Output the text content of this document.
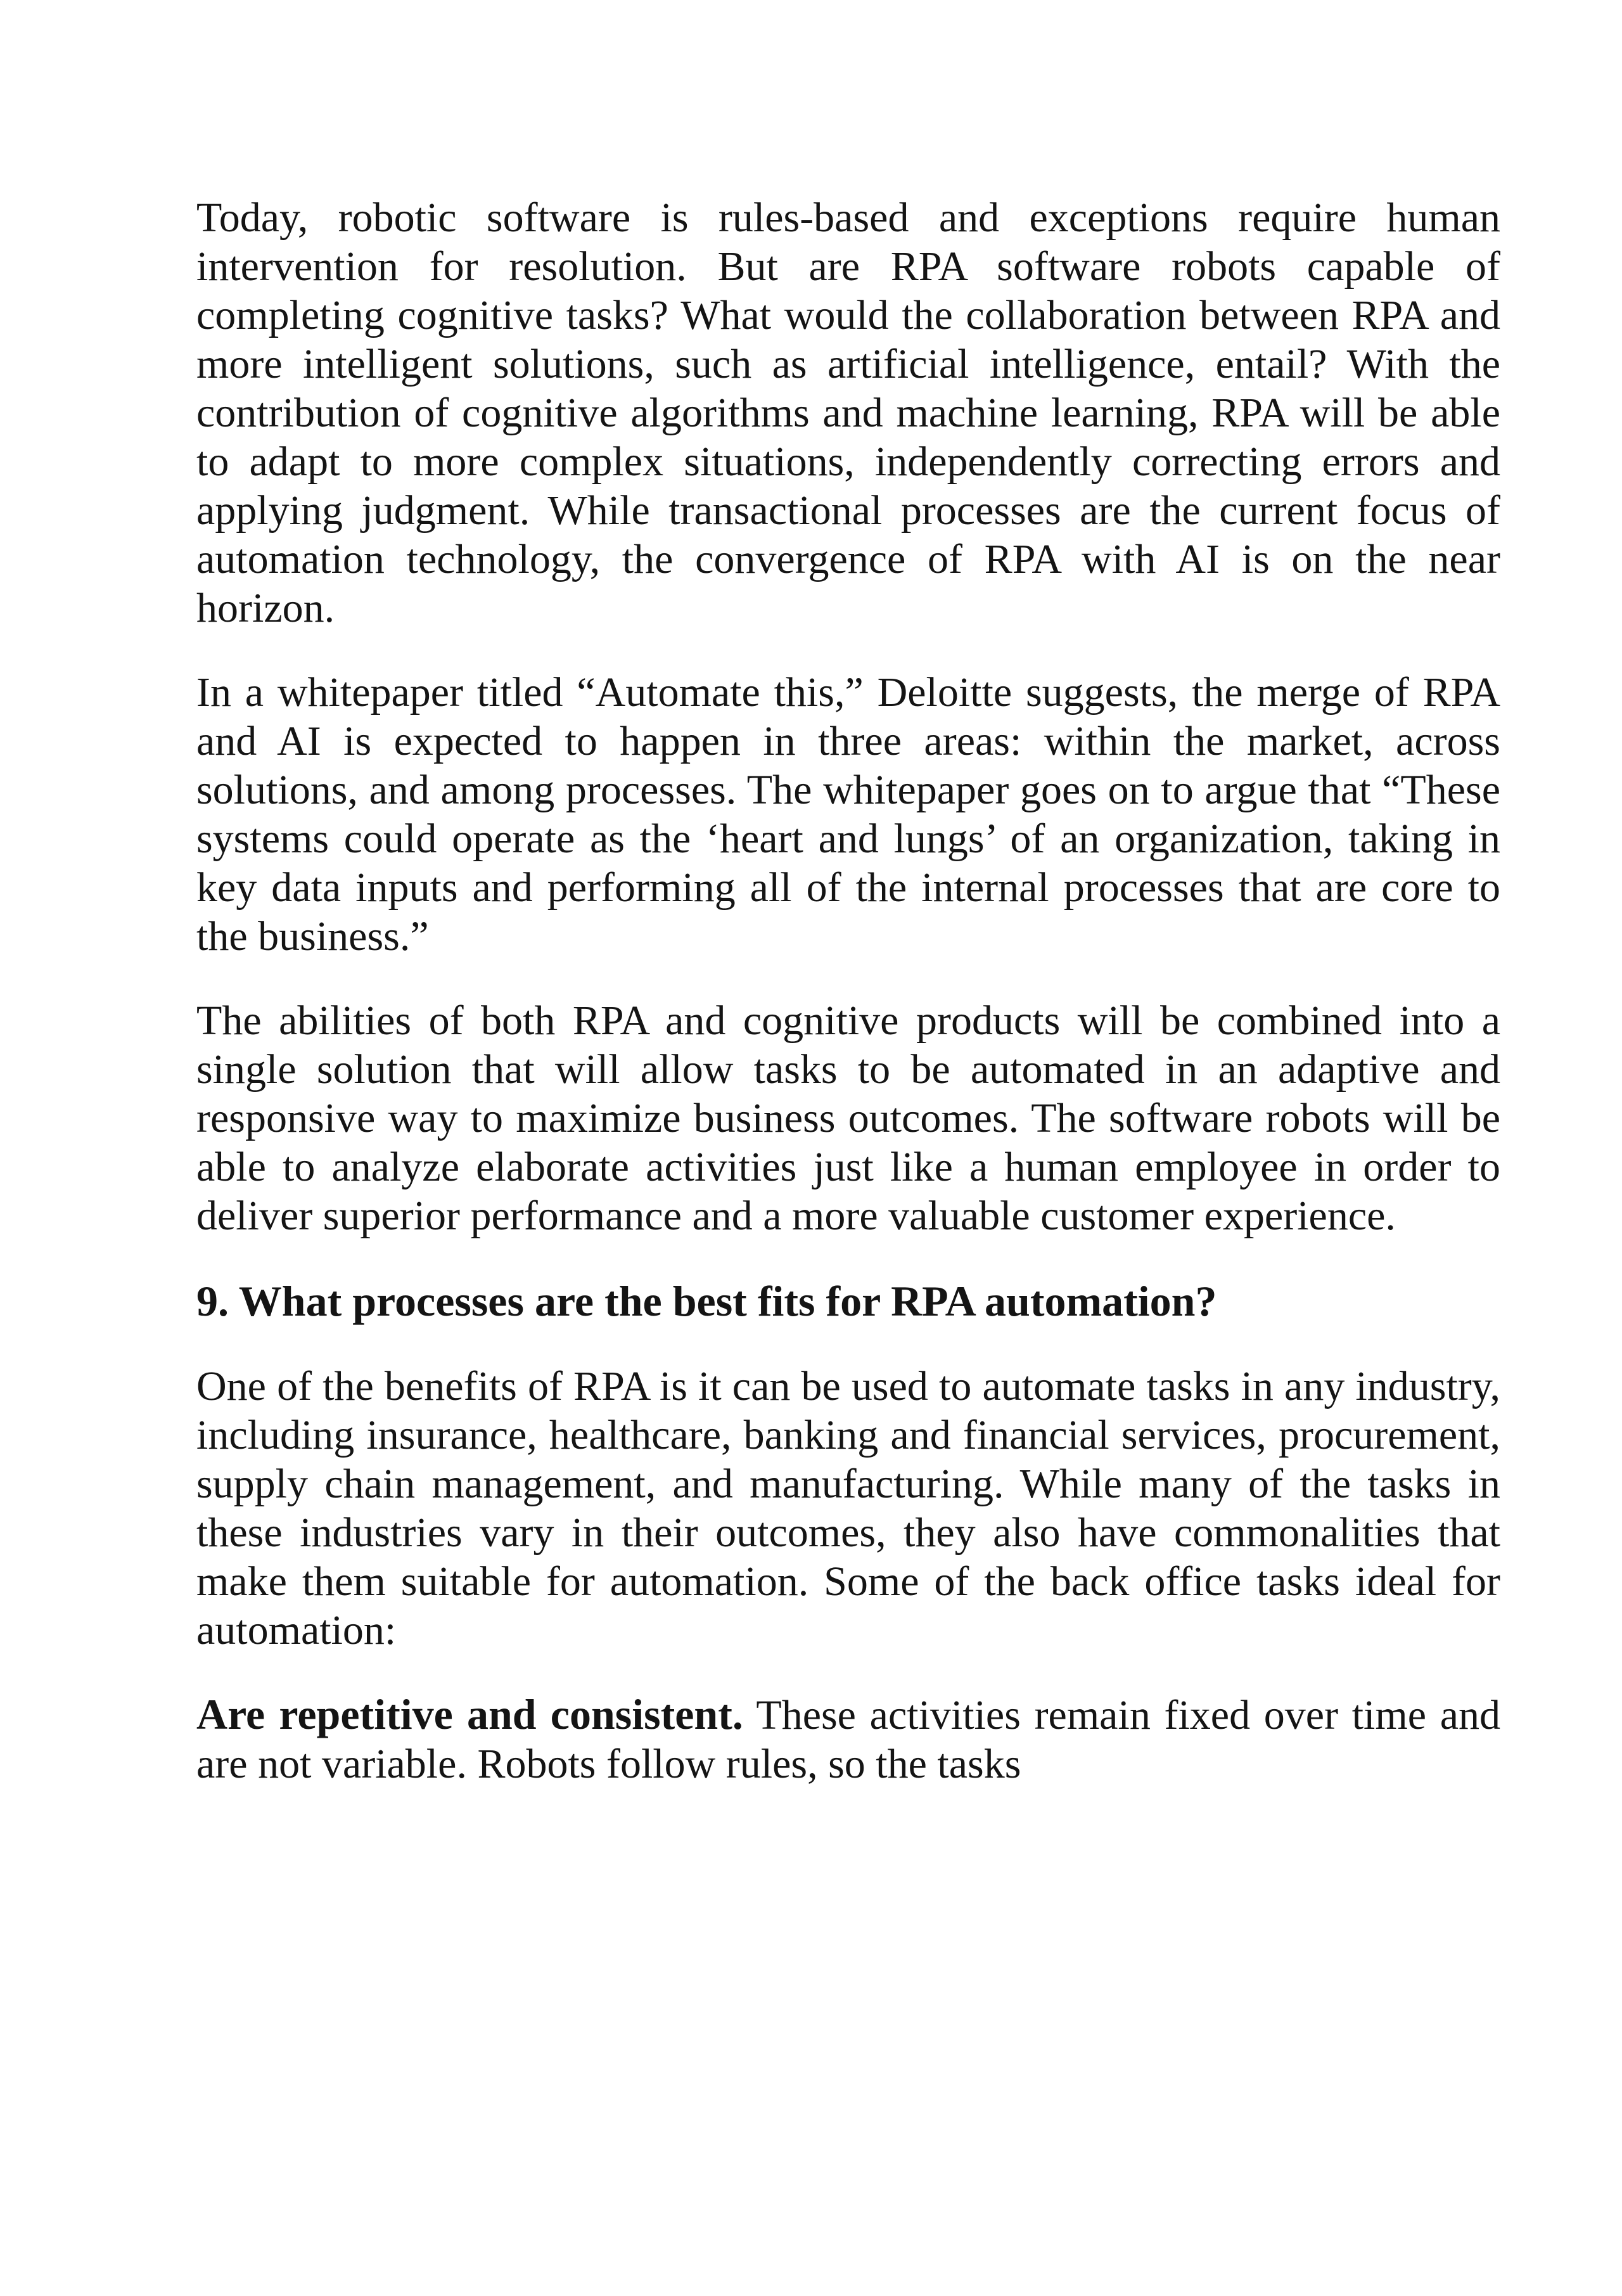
Today, robotic software is rules-based and exceptions require human intervention for resolution. But are RPA software robots capable of completing cognitive tasks? What would the collaboration between RPA and more intelligent solutions, such as artificial intelligence, entail? With the contribution of cognitive algorithms and machine learning, RPA will be able to adapt to more complex situations, independently correcting errors and applying judgment. While transactional processes are the current focus of automation technology, the convergence of RPA with AI is on the near horizon.

In a whitepaper titled “Automate this,” Deloitte suggests, the merge of RPA and AI is expected to happen in three areas: within the market, across solutions, and among processes. The whitepaper goes on to argue that “These systems could operate as the ‘heart and lungs’ of an organization, taking in key data inputs and performing all of the internal processes that are core to the business.”

The abilities of both RPA and cognitive products will be combined into a single solution that will allow tasks to be automated in an adaptive and responsive way to maximize business outcomes. The software robots will be able to analyze elaborate activities just like a human employee in order to deliver superior performance and a more valuable customer experience.

9. What processes are the best fits for RPA automation?

One of the benefits of RPA is it can be used to automate tasks in any industry, including insurance, healthcare, banking and financial services, procurement, supply chain management, and manufacturing. While many of the tasks in these industries vary in their outcomes, they also have commonalities that make them suitable for automation. Some of the back office tasks ideal for automation:

Are repetitive and consistent. These activities remain fixed over time and are not variable. Robots follow rules, so the tasks
